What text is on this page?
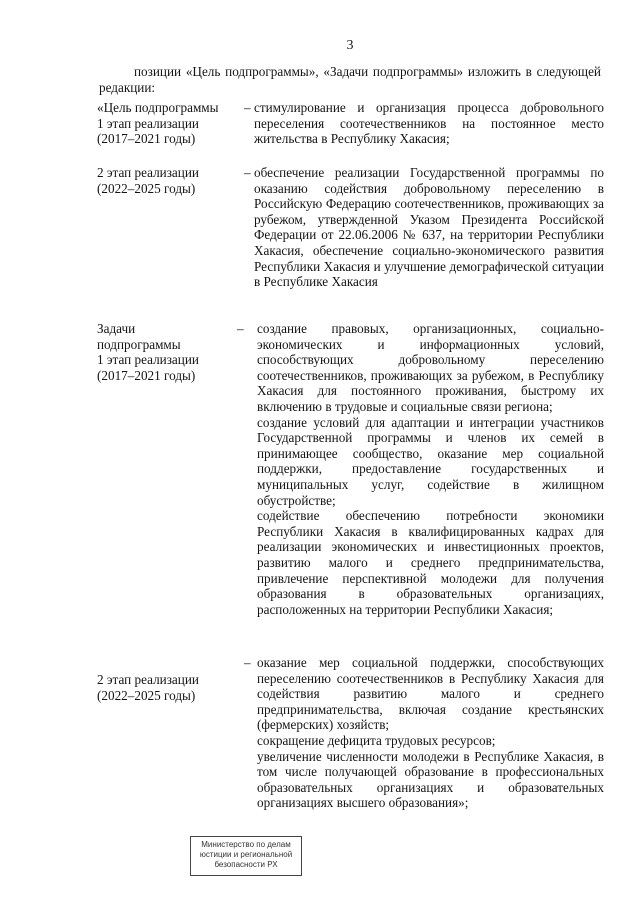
3
позиции «Цель подпрограммы», «Задачи подпрограммы» изложить в следующей редакции:

«Цель подпрограммы

1 этап реализации

(2017–2021 годы)

– стимулирование и организация процесса добровольного переселения соотечественников на постоянное место жительства в Республику Хакасия;

2 этап реализации

(2022–2025 годы)

– обеспечение реализации Государственной программы по оказанию содействия добровольному переселению в Российскую Федерацию соотечественников, проживающих за рубежом, утвержденной Указом Президента Российской Федерации от 22.06.2006 № 637, на территории Республики Хакасия, обеспечение социально-экономического развития Республики Хакасия и улучшение демографической ситуации в Республике Хакасия

Задачи

подпрограммы

1 этап реализации

(2017–2021 годы)

– создание правовых, организационных, социально-экономических и информационных условий, способствующих добровольному переселению соотечественников, проживающих за рубежом, в Республику Хакасия для постоянного проживания, быстрому их включению в трудовые и социальные связи региона;

создание условий для адаптации и интеграции участников Государственной программы и членов их семей в принимающее сообщество, оказание мер социальной поддержки, предоставление государственных и муниципальных услуг, содействие в жилищном обустройстве;

содействие обеспечению потребности экономики Республики Хакасия в квалифицированных кадрах для реализации экономических и инвестиционных проектов, развитию малого и среднего предпринимательства, привлечение перспективной молодежи для получения образования в образовательных организациях, расположенных на территории Республики Хакасия;

2 этап реализации

(2022–2025 годы)

– оказание мер социальной поддержки, способствующих переселению соотечественников в Республику Хакасия для содействия развитию малого и среднего предпринимательства, включая создание крестьянских (фермерских) хозяйств;

сокращение дефицита трудовых ресурсов;

увеличение численности молодежи в Республике Хакасия, в том числе получающей образование в профессиональных образовательных организациях и образовательных организациях высшего образования»;

Министерство по делам
юстиции и региональной
безопасности РХ
